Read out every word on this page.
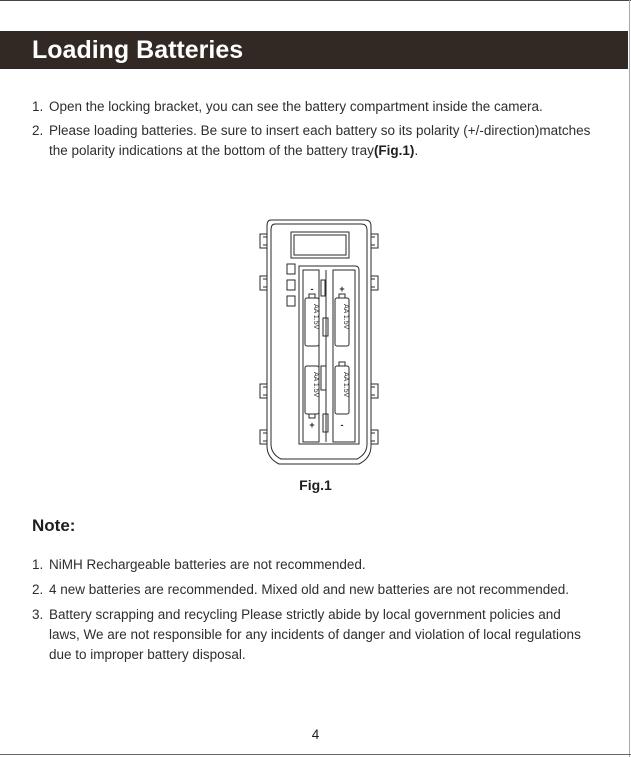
Loading Batteries
1. Open the locking bracket, you can see the battery compartment inside the camera.
2. Please loading batteries. Be sure to insert each battery so its polarity (+/-direction)matches the polarity indications at the bottom of the battery tray(Fig.1).
AA 1.5V	AA 1.5V
AA 1.5V	AA 1.5V
-	+
+	-
Fig.1
Note:
1. NiMH Rechargeable batteries are not recommended.
2. 4 new batteries are recommended. Mixed old and new batteries are not recommended.
3. Battery scrapping and recycling Please strictly abide by local government policies and laws, We are not responsible for any incidents of danger and violation of local regulations due to improper battery disposal.
4
